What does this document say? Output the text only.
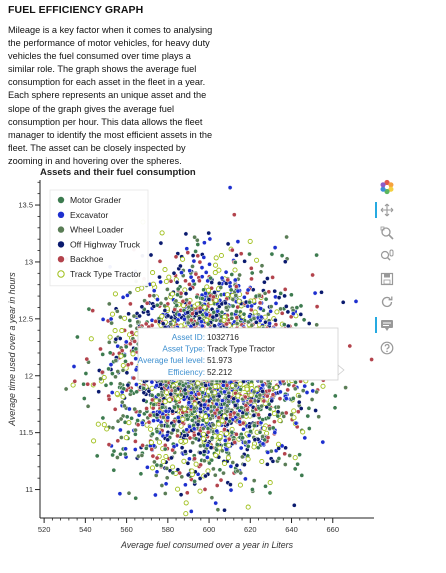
FUEL EFFICIENCY GRAPH
Mileage is a key factor when it comes to analysing
the performance of motor vehicles, for heavy duty
vehicles the fuel consumed over time plays a
similar role. The graph shows the average fuel
consumption for each asset in the fleet in a year.
Each sphere represents an unique asset and the
slope of the graph gives the average fuel
consumption per hour. This data allows the fleet
manager to identify the most efficient assets in the
fleet. The asset can be closely inspected by
zooming in and hovering over the spheres.
Assets and their fuel consumption
520	540	560	580	600	620	640	660
11
11.5
12
12.5
13
13.5
Average fuel consumed over a year in Liters
Average time used over a year in hours
Motor Grader
Excavator
Wheel Loader
Off Highway Truck
Backhoe
Track Type Tractor
Asset ID: 1032716
Asset Type: Track Type Tractor
Average fuel level: 51.973
Efficiency: 52.212
